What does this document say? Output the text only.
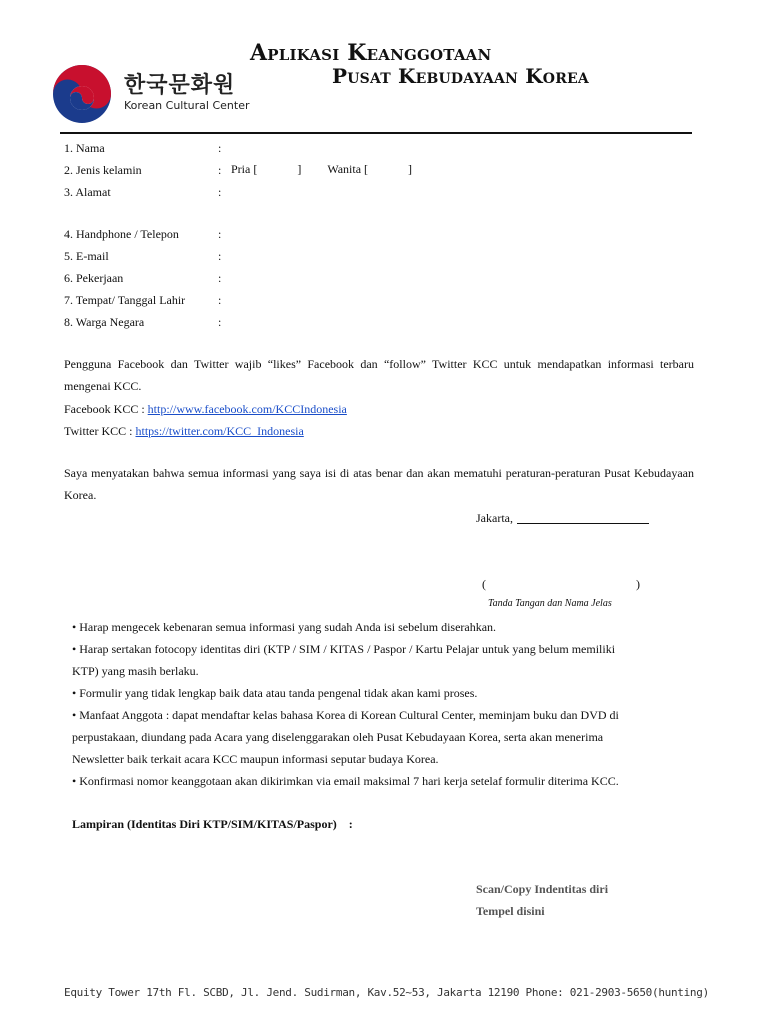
Aplikasi Keanggotaan
Pusat Kebudayaan Korea
한국문화원
Korean Cultural Center
1. Nama	:
2. Jenis kelamin	: Pria [	] Wanita [	]
3. Alamat	:
4. Handphone / Telepon	:
5. E-mail	:
6. Pekerjaan	:
7. Tempat/ Tanggal Lahir	:
8. Warga Negara	:
Pengguna Facebook dan Twitter wajib “likes” Facebook dan “follow” Twitter KCC untuk mendapatkan informasi terbaru mengenai KCC.
Facebook KCC : http://www.facebook.com/KCCIndonesia
Twitter KCC : https://twitter.com/KCC_Indonesia
Saya menyatakan bahwa semua informasi yang saya isi di atas benar dan akan mematuhi peraturan-peraturan Pusat Kebudayaan Korea.
Jakarta,
(	)
Tanda Tangan dan Nama Jelas
• Harap mengecek kebenaran semua informasi yang sudah Anda isi sebelum diserahkan.
• Harap sertakan fotocopy identitas diri (KTP / SIM / KITAS / Paspor / Kartu Pelajar untuk yang belum memiliki
KTP) yang masih berlaku.
• Formulir yang tidak lengkap baik data atau tanda pengenal tidak akan kami proses.
• Manfaat Anggota : dapat mendaftar kelas bahasa Korea di Korean Cultural Center, meminjam buku dan DVD di
perpustakaan, diundang pada Acara yang diselenggarakan oleh Pusat Kebudayaan Korea, serta akan menerima
Newsletter baik terkait acara KCC maupun informasi seputar budaya Korea.
• Konfirmasi nomor keanggotaan akan dikirimkan via email maksimal 7 hari kerja setelaf formulir diterima KCC.
Lampiran (Identitas Diri KTP/SIM/KITAS/Paspor)    :
Scan/Copy Indentitas diri
Tempel disini
Equity Tower 17th Fl. SCBD, Jl. Jend. Sudirman, Kav.52~53, Jakarta 12190 Phone: 021-2903-5650(hunting)
